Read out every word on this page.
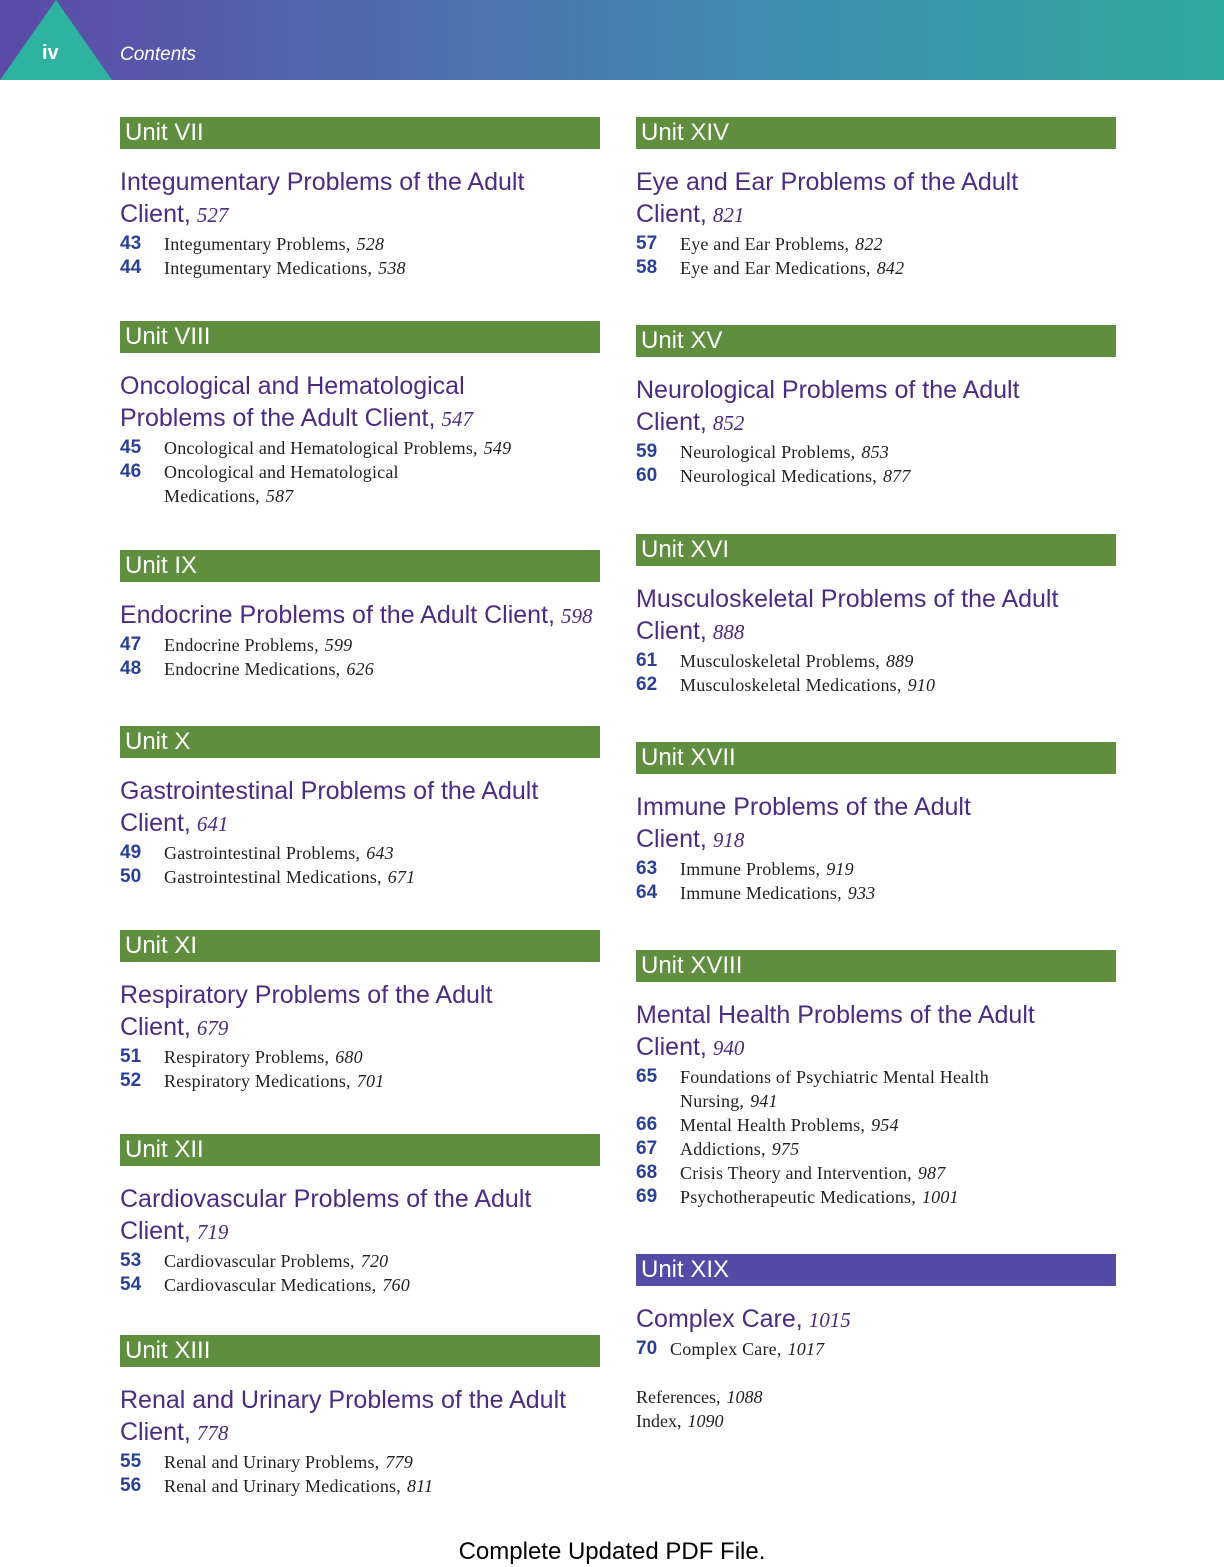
iv	Contents
Unit VII
Integumentary Problems of the Adult Client, 527
43	Integumentary Problems, 528
44	Integumentary Medications, 538
Unit VIII
Oncological and Hematological Problems of the Adult Client, 547
45	Oncological and Hematological Problems, 549
46	Oncological and Hematological Medications, 587
Unit IX
Endocrine Problems of the Adult Client, 598
47	Endocrine Problems, 599
48	Endocrine Medications, 626
Unit X
Gastrointestinal Problems of the Adult Client, 641
49	Gastrointestinal Problems, 643
50	Gastrointestinal Medications, 671
Unit XI
Respiratory Problems of the Adult Client, 679
51	Respiratory Problems, 680
52	Respiratory Medications, 701
Unit XII
Cardiovascular Problems of the Adult Client, 719
53	Cardiovascular Problems, 720
54	Cardiovascular Medications, 760
Unit XIII
Renal and Urinary Problems of the Adult Client, 778
55	Renal and Urinary Problems, 779
56	Renal and Urinary Medications, 811
Unit XIV
Eye and Ear Problems of the Adult Client, 821
57	Eye and Ear Problems, 822
58	Eye and Ear Medications, 842
Unit XV
Neurological Problems of the Adult Client, 852
59	Neurological Problems, 853
60	Neurological Medications, 877
Unit XVI
Musculoskeletal Problems of the Adult Client, 888
61	Musculoskeletal Problems, 889
62	Musculoskeletal Medications, 910
Unit XVII
Immune Problems of the Adult Client, 918
63	Immune Problems, 919
64	Immune Medications, 933
Unit XVIII
Mental Health Problems of the Adult Client, 940
65	Foundations of Psychiatric Mental Health Nursing, 941
66	Mental Health Problems, 954
67	Addictions, 975
68	Crisis Theory and Intervention, 987
69	Psychotherapeutic Medications, 1001
Unit XIX
Complex Care, 1015
70 Complex Care, 1017
References, 1088
Index, 1090
Complete Updated PDF File.
